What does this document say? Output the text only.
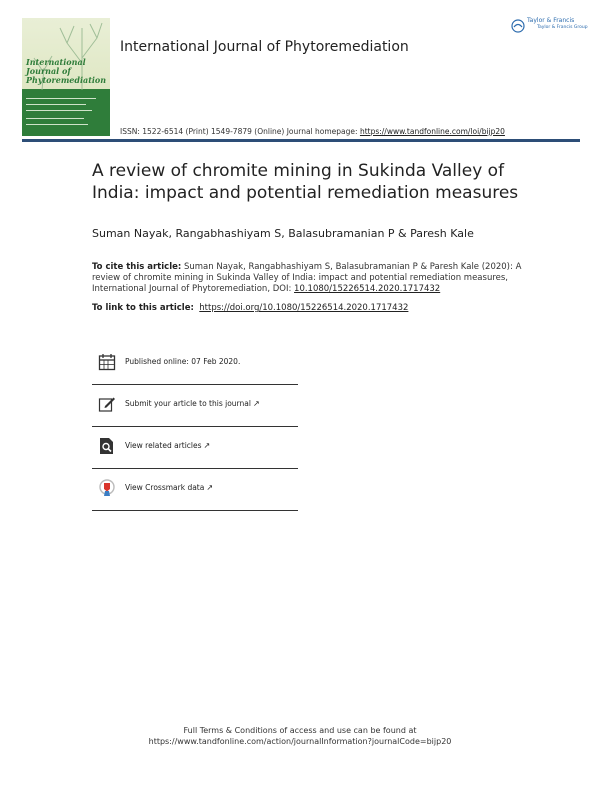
International Journal of Phytoremediation
International Journal of Phytoremediation
Taylor & Francis
Taylor & Francis Group
ISSN: 1522-6514 (Print) 1549-7879 (Online) Journal homepage: https://www.tandfonline.com/loi/bijp20
A review of chromite mining in Sukinda Valley of India: impact and potential remediation measures
Suman Nayak, Rangabhashiyam S, Balasubramanian P & Paresh Kale
To cite this article: Suman Nayak, Rangabhashiyam S, Balasubramanian P & Paresh Kale (2020): A review of chromite mining in Sukinda Valley of India: impact and potential remediation measures, International Journal of Phytoremediation, DOI: 10.1080/15226514.2020.1717432
To link to this article: https://doi.org/10.1080/15226514.2020.1717432
Published online: 07 Feb 2020.
Submit your article to this journal ↗
View related articles ↗
View Crossmark data ↗
Full Terms & Conditions of access and use can be found at
https://www.tandfonline.com/action/journalInformation?journalCode=bijp20
